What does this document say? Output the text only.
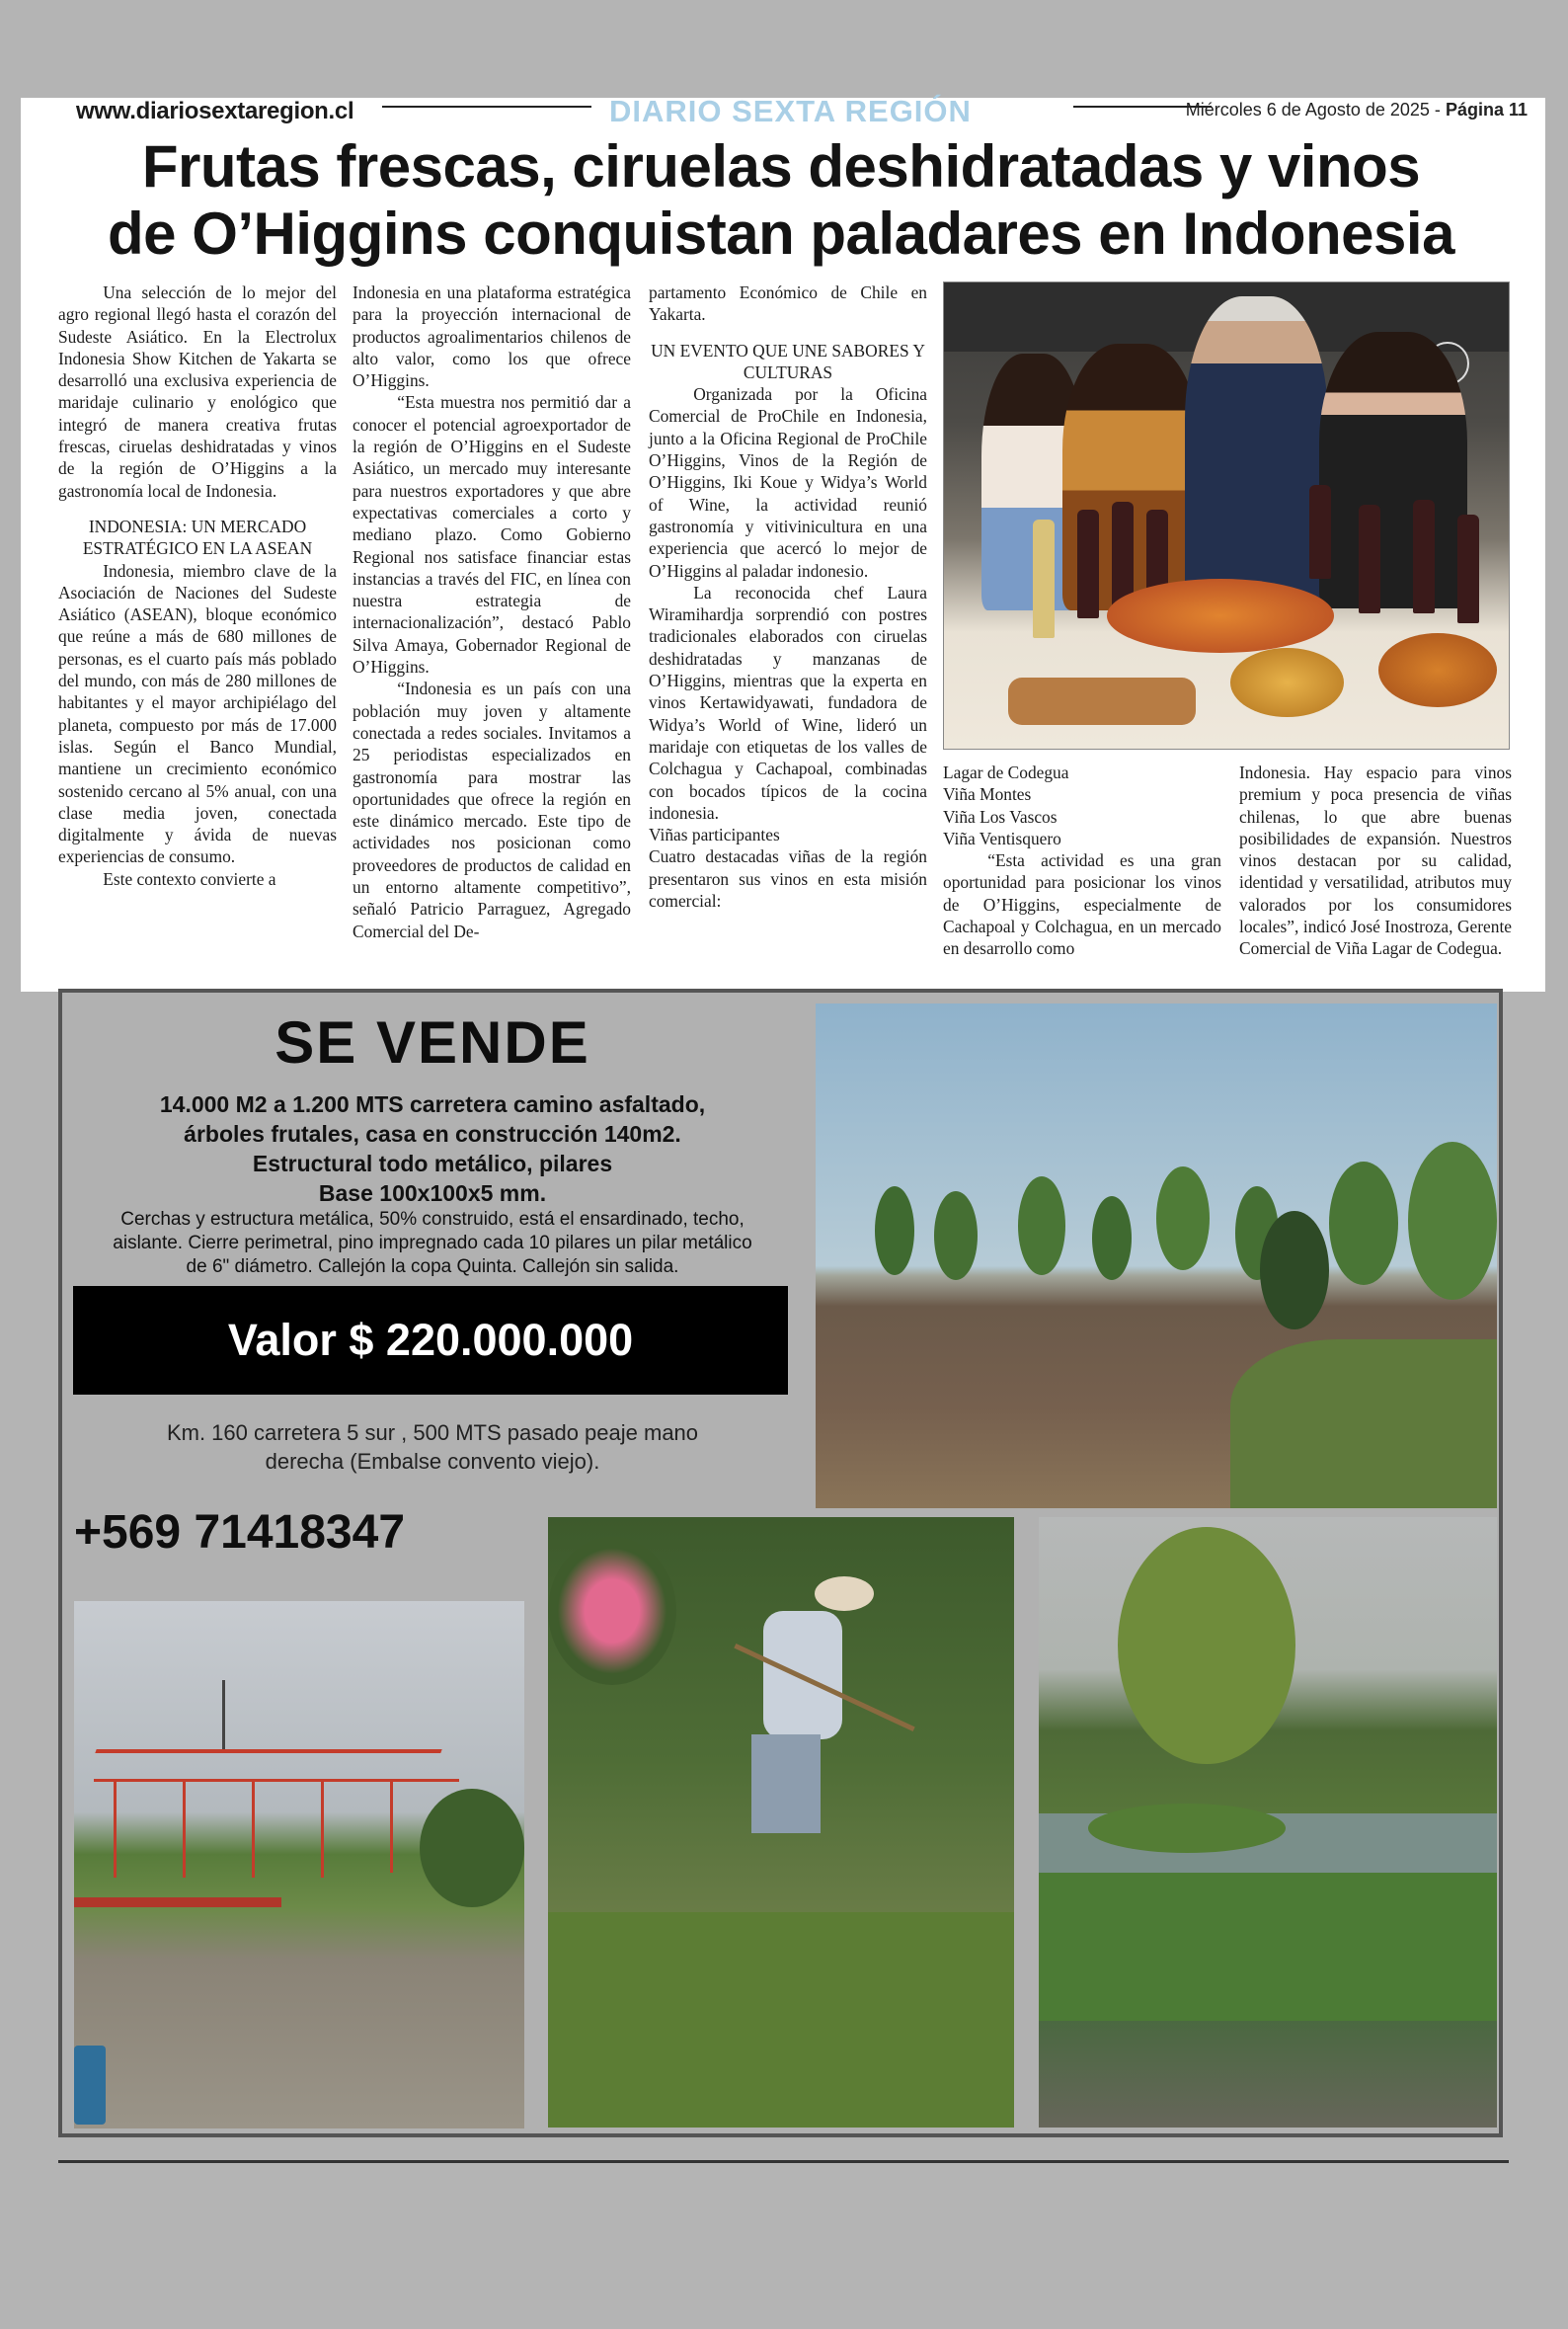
www.diariosextaregion.cl	DIARIO SEXTA REGIÓN	Miércoles 6 de Agosto de 2025 - Página 11
Frutas frescas, ciruelas deshidratadas y vinos
de O’Higgins conquistan paladares en Indonesia

Una selección de lo mejor del agro regional llegó hasta el corazón del Sudeste Asiático. En la Electrolux Indonesia Show Kitchen de Yakarta se desarrolló una exclusiva experiencia de maridaje culinario y enológico que integró de manera creativa frutas frescas, ciruelas deshidratadas y vinos de la región de O’Higgins a la gastronomía local de Indonesia.

INDONESIA: UN MERCADO ESTRATÉGICO EN LA ASEAN

Indonesia, miembro clave de la Asociación de Naciones del Sudeste Asiático (ASEAN), bloque económico que reúne a más de 680 millones de personas, es el cuarto país más poblado del mundo, con más de 280 millones de habitantes y el mayor archipiélago del planeta, compuesto por más de 17.000 islas. Según el Banco Mundial, mantiene un crecimiento económico sostenido cercano al 5% anual, con una clase media joven, conectada digitalmente y ávida de nuevas experiencias de consumo.

Este contexto convierte a

Indonesia en una plataforma estratégica para la proyección internacional de productos agroalimentarios chilenos de alto valor, como los que ofrece O’Higgins.

“Esta muestra nos permitió dar a conocer el potencial agroexportador de la región de O’Higgins en el Sudeste Asiático, un mercado muy interesante para nuestros exportadores y que abre expectativas comerciales a corto y mediano plazo. Como Gobierno Regional nos satisface financiar estas instancias a través del FIC, en línea con nuestra estrategia de internacionalización”, destacó Pablo Silva Amaya, Gobernador Regional de O’Higgins.

“Indonesia es un país con una población muy joven y altamente conectada a redes sociales. Invitamos a 25 periodistas especializados en gastronomía para mostrar las oportunidades que ofrece la región en este dinámico mercado. Este tipo de actividades nos posicionan como proveedores de productos de calidad en un entorno altamente competitivo”, señaló Patricio Parraguez, Agregado Comercial del De-

partamento Económico de Chile en Yakarta.

UN EVENTO QUE UNE SABORES Y CULTURAS

Organizada por la Oficina Comercial de ProChile en Indonesia, junto a la Oficina Regional de ProChile O’Higgins, Vinos de la Región de O’Higgins, Iki Koue y Widya’s World of Wine, la actividad reunió gastronomía y vitivinicultura en una experiencia que acercó lo mejor de O’Higgins al paladar indonesio.

La reconocida chef Laura Wiramihardja sorprendió con postres tradicionales elaborados con ciruelas deshidratadas y manzanas de O’Higgins, mientras que la experta en vinos Kertawidyawati, fundadora de Widya’s World of Wine, lideró un maridaje con etiquetas de los valles de Colchagua y Cachapoal, combinadas con bocados típicos de la cocina indonesia.

Viñas participantes

Cuatro destacadas viñas de la región presentaron sus vinos en esta misión comercial:

Lagar de Codegua

Viña Montes

Viña Los Vascos

Viña Ventisquero

“Esta actividad es una gran oportunidad para posicionar los vinos de O’Higgins, especialmente de Cachapoal y Colchagua, en un mercado en desarrollo como

Indonesia. Hay espacio para vinos premium y poca presencia de viñas chilenas, lo que abre buenas posibilidades de expansión. Nuestros vinos destacan por su calidad, identidad y versatilidad, atributos muy valorados por los consumidores locales”, indicó José Inostroza, Gerente Comercial de Viña Lagar de Codegua.

SE VENDE
14.000 M2 a 1.200 MTS carretera camino asfaltado,
árboles frutales, casa en construcción 140m2.
Estructural todo metálico, pilares
Base 100x100x5 mm.
Cerchas y estructura metálica, 50% construido, está el ensardinado, techo,
aislante. Cierre perimetral, pino impregnado cada 10 pilares un pilar metálico
de 6" diámetro. Callejón la copa Quinta. Callejón sin salida.
Valor $ 220.000.000
Km. 160 carretera 5 sur , 500 MTS pasado peaje mano
derecha (Embalse convento viejo).
+569 71418347
